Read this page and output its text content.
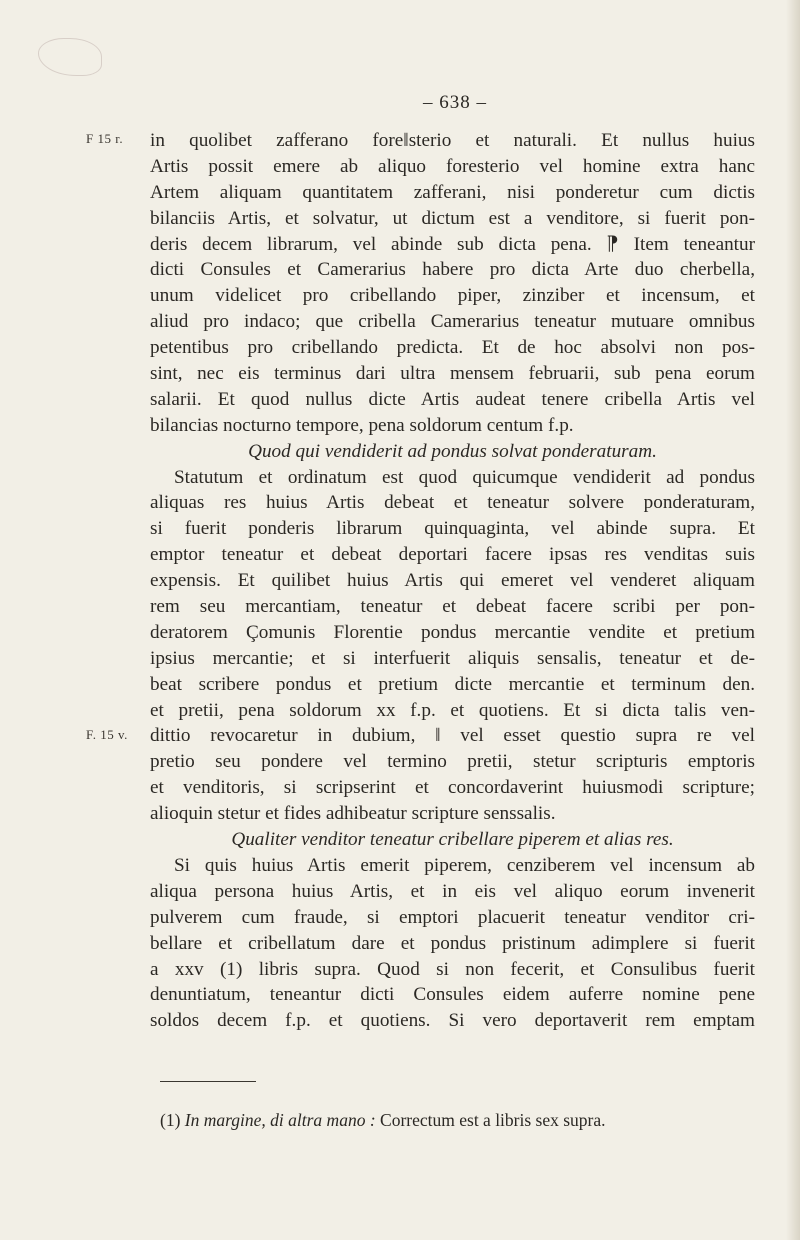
– 638 –
F 15 r.
F. 15 v.
in quolibet zafferano fore‖sterio et naturali. Et nullus huius
Artis possit emere ab aliquo foresterio vel homine extra hanc
Artem aliquam quantitatem zafferani, nisi ponderetur cum dictis
bilanciis Artis, et solvatur, ut dictum est a venditore, si fuerit pon-
deris decem librarum, vel abinde sub dicta pena. ⁋ Item teneantur
dicti Consules et Camerarius habere pro dicta Arte duo cherbella,
unum videlicet pro cribellando piper, zinziber et incensum, et
aliud pro indaco; que cribella Camerarius teneatur mutuare omnibus
petentibus pro cribellando predicta. Et de hoc absolvi non pos-
sint, nec eis terminus dari ultra mensem februarii, sub pena eorum
salarii. Et quod nullus dicte Artis audeat tenere cribella Artis vel
bilancias nocturno tempore, pena soldorum centum f.p.
Quod qui vendiderit ad pondus solvat ponderaturam.
Statutum et ordinatum est quod quicumque vendiderit ad pondus
aliquas res huius Artis debeat et teneatur solvere ponderaturam,
si fuerit ponderis librarum quinquaginta, vel abinde supra. Et
emptor teneatur et debeat deportari facere ipsas res venditas suis
expensis. Et quilibet huius Artis qui emeret vel venderet aliquam
rem seu mercantiam, teneatur et debeat facere scribi per pon-
deratorem Çomunis Florentie pondus mercantie vendite et pretium
ipsius mercantie; et si interfuerit aliquis sensalis, teneatur et de-
beat scribere pondus et pretium dicte mercantie et terminum den.
et pretii, pena soldorum xx f.p. et quotiens. Et si dicta talis ven-
dittio revocaretur in dubium, ‖ vel esset questio supra re vel
pretio seu pondere vel termino pretii, stetur scripturis emptoris
et venditoris, si scripserint et concordaverint huiusmodi scripture;
alioquin stetur et fides adhibeatur scripture senssalis.
Qualiter venditor teneatur cribellare piperem et alias res.
Si quis huius Artis emerit piperem, cenziberem vel incensum ab
aliqua persona huius Artis, et in eis vel aliquo eorum invenerit
pulverem cum fraude, si emptori placuerit teneatur venditor cri-
bellare et cribellatum dare et pondus pristinum adimplere si fuerit
a xxv (1) libris supra. Quod si non fecerit, et Consulibus fuerit
denuntiatum, teneantur dicti Consules eidem auferre nomine pene
soldos decem f.p. et quotiens. Si vero deportaverit rem emptam
(1) In margine, di altra mano : Correctum est a libris sex supra.
